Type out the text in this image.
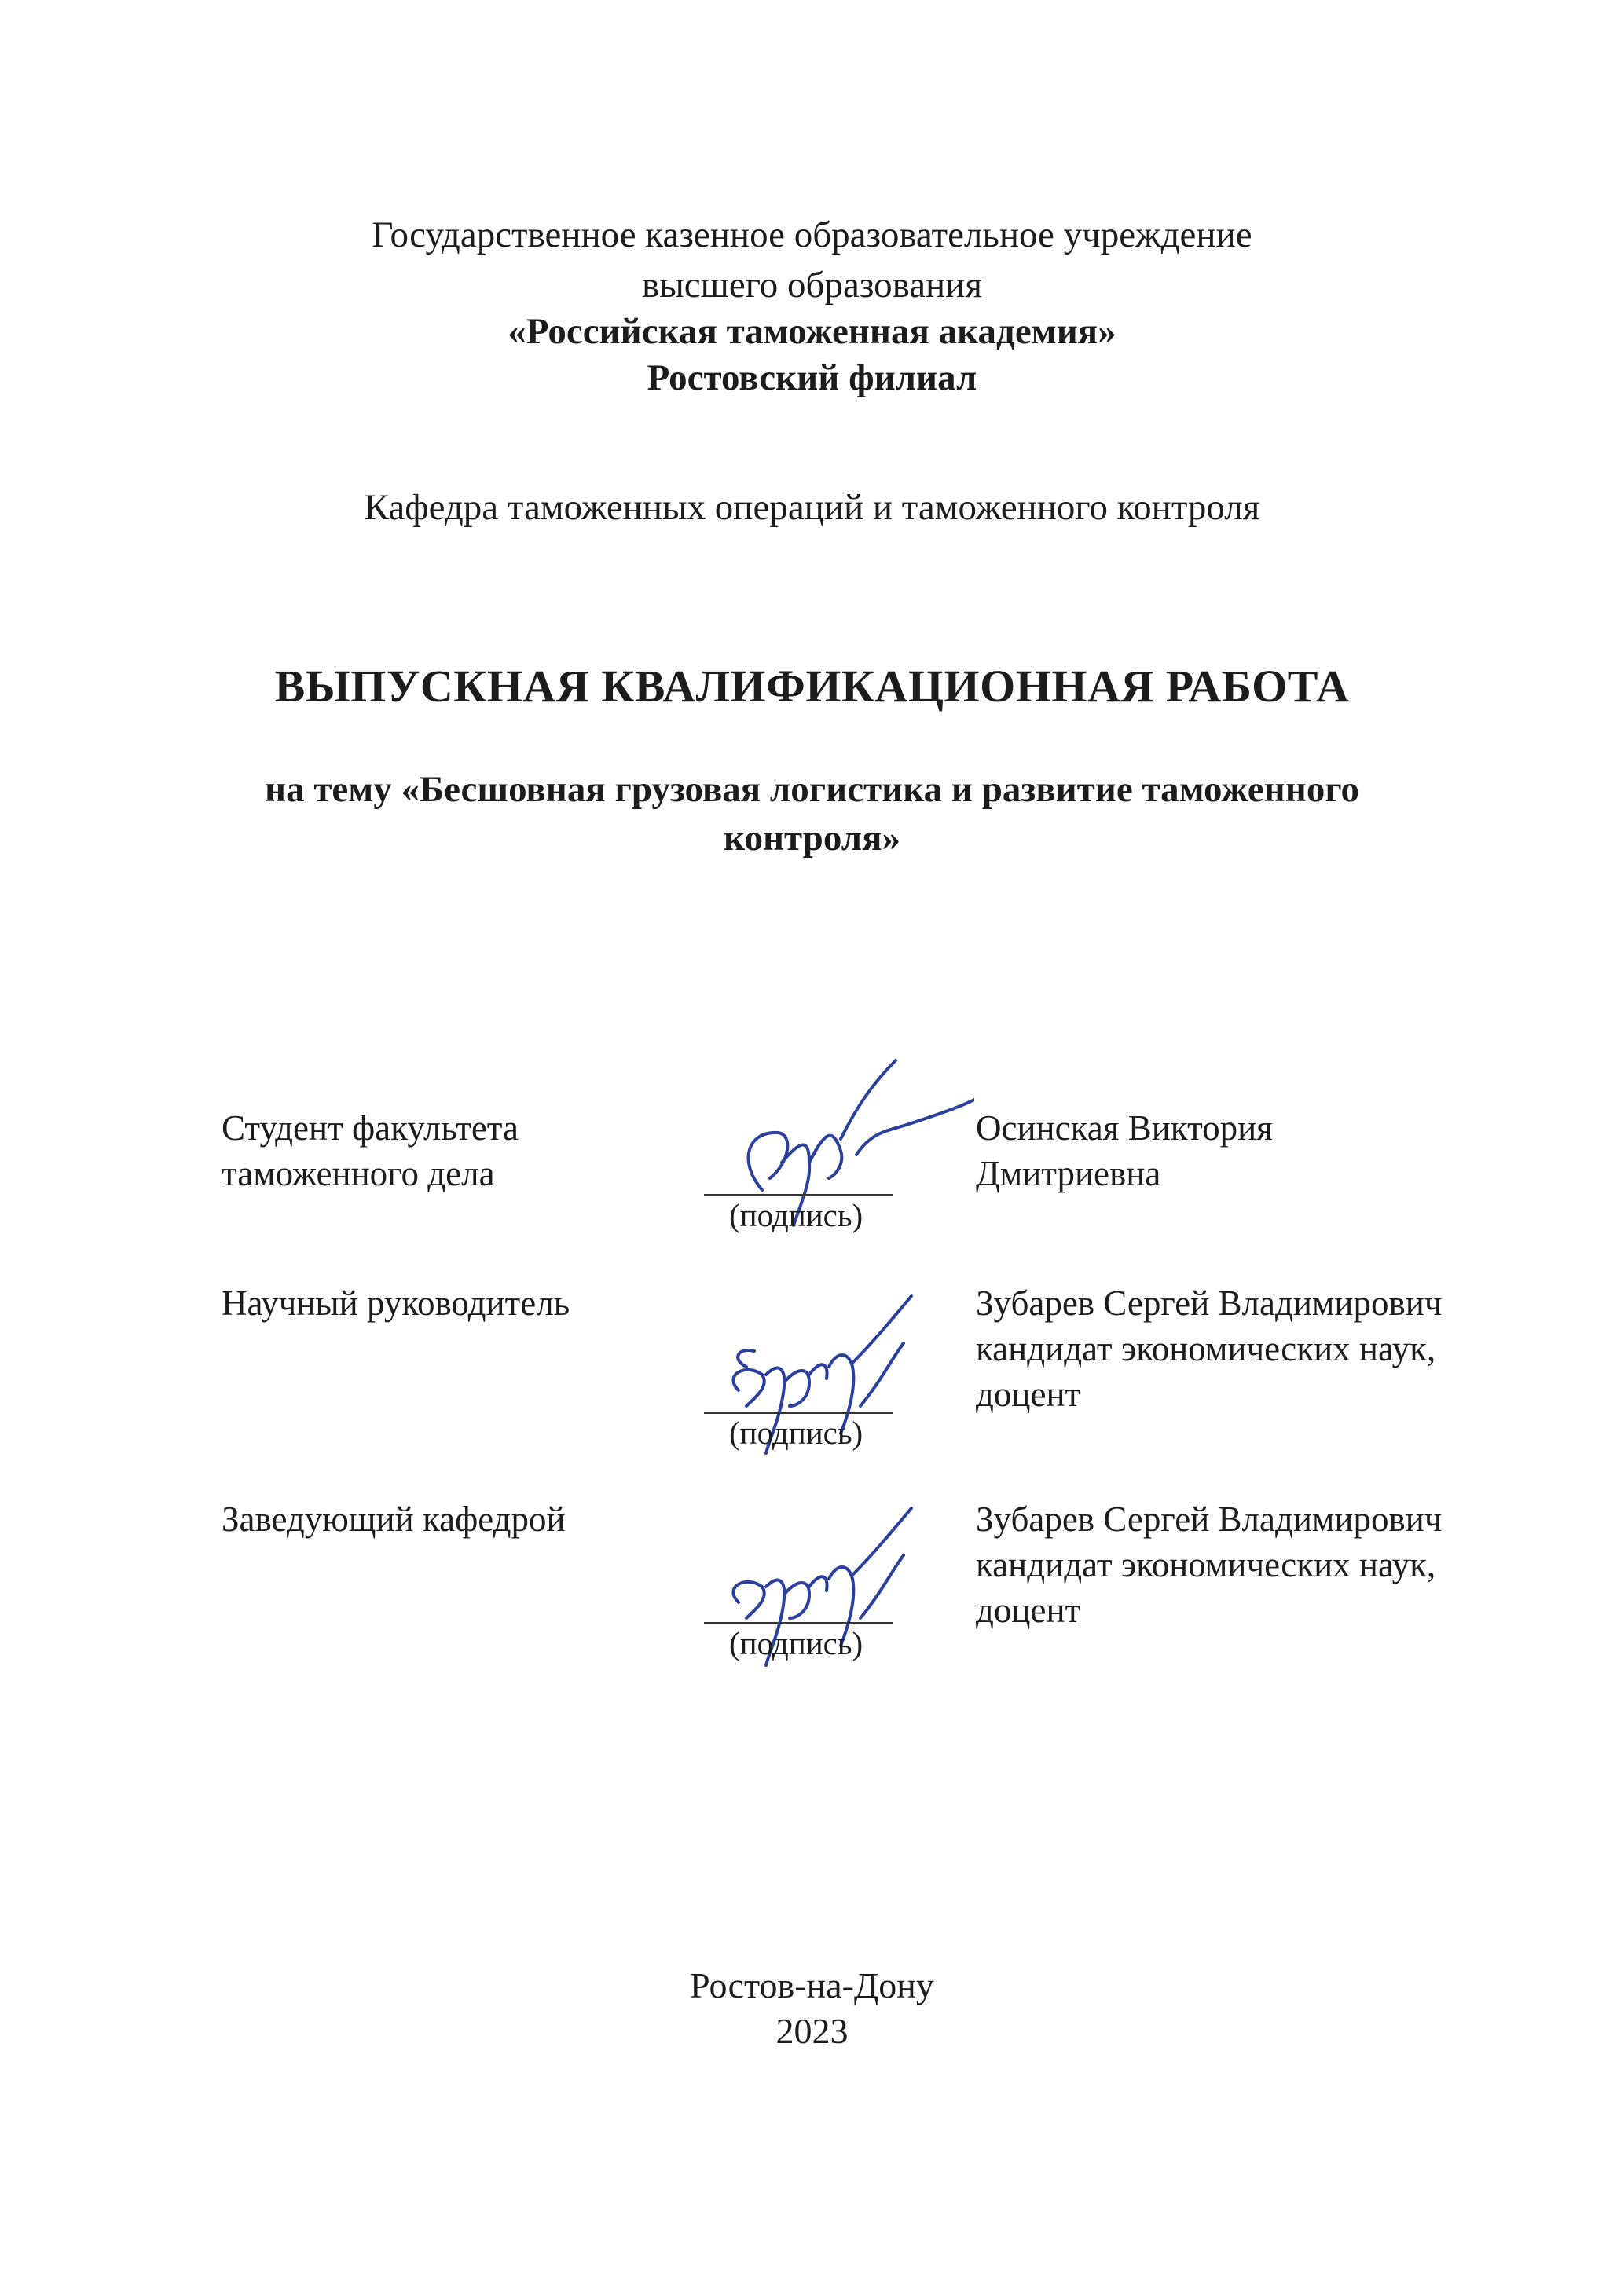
Государственное казенное образовательное учреждение
высшего образования
«Российская таможенная академия»
Ростовский филиал
Кафедра таможенных операций и таможенного контроля
ВЫПУСКНАЯ КВАЛИФИКАЦИОННАЯ РАБОТА
на тему «Бесшовная грузовая логистика и развитие таможенного
контроля»
Студент факультета
таможенного дела
(подпись)
Осинская Виктория
Дмитриевна
Научный руководитель
(подпись)
Зубарев Сергей Владимирович
кандидат экономических наук,
доцент
Заведующий кафедрой
(подпись)
Зубарев Сергей Владимирович
кандидат экономических наук,
доцент
Ростов-на-Дону
2023
